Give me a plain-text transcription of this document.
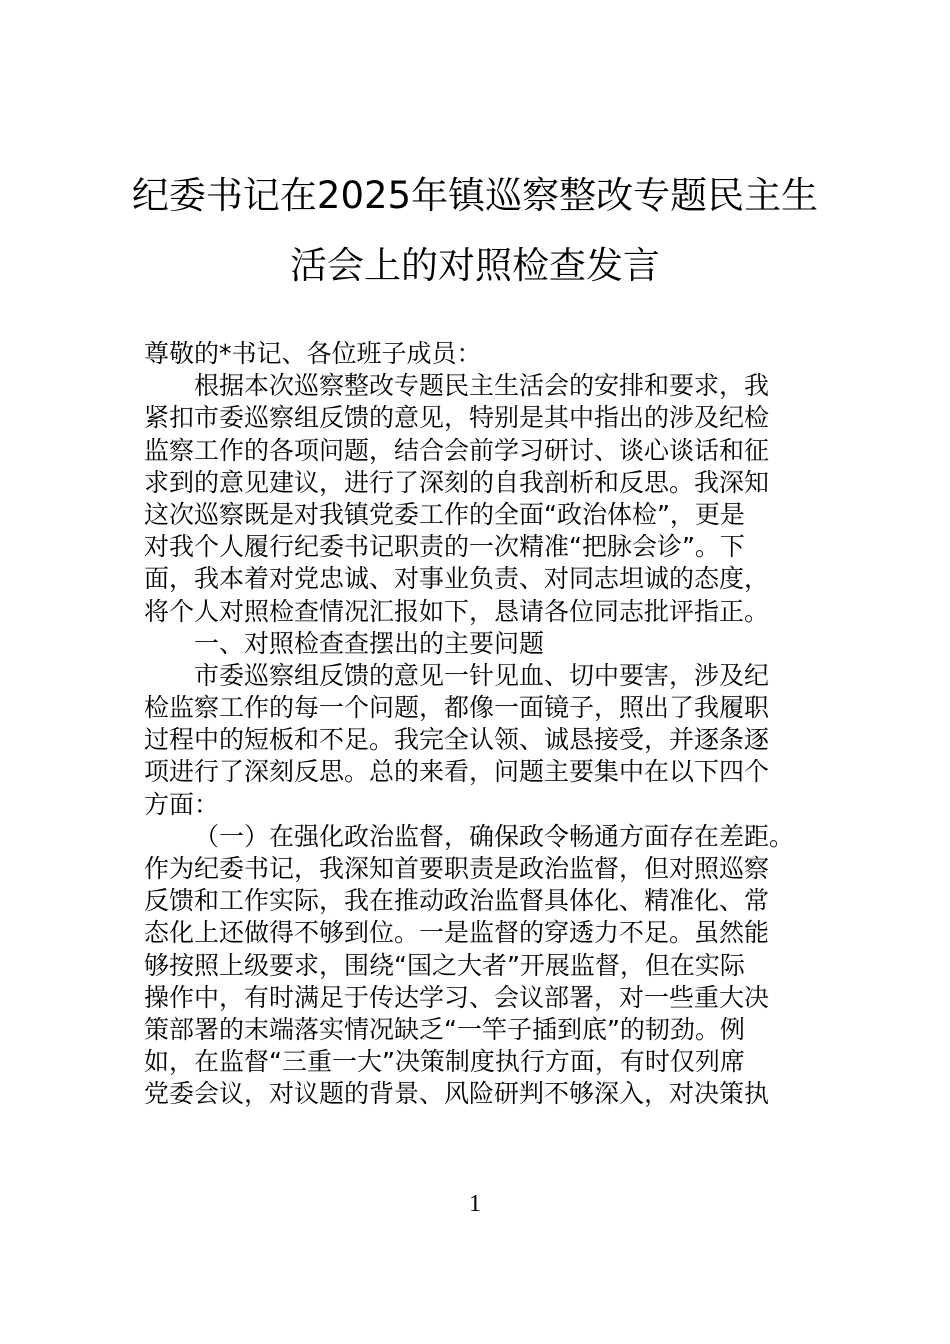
纪委书记在2025年镇巡察整改专题民主生
活会上的对照检查发言
尊敬的*书记、各位班子成员：
根据本次巡察整改专题民主生活会的安排和要求，我
紧扣市委巡察组反馈的意见，特别是其中指出的涉及纪检
监察工作的各项问题，结合会前学习研讨、谈心谈话和征
求到的意见建议，进行了深刻的自我剖析和反思。我深知
这次巡察既是对我镇党委工作的全面“政治体检”，更是
对我个人履行纪委书记职责的一次精准“把脉会诊”。下
面，我本着对党忠诚、对事业负责、对同志坦诚的态度，
将个人对照检查情况汇报如下，恳请各位同志批评指正。
一、对照检查查摆出的主要问题
市委巡察组反馈的意见一针见血、切中要害，涉及纪
检监察工作的每一个问题，都像一面镜子，照出了我履职
过程中的短板和不足。我完全认领、诚恳接受，并逐条逐
项进行了深刻反思。总的来看，问题主要集中在以下四个
方面：
（一）在强化政治监督，确保政令畅通方面存在差距。
作为纪委书记，我深知首要职责是政治监督，但对照巡察
反馈和工作实际，我在推动政治监督具体化、精准化、常
态化上还做得不够到位。一是监督的穿透力不足。虽然能
够按照上级要求，围绕“国之大者”开展监督，但在实际
操作中，有时满足于传达学习、会议部署，对一些重大决
策部署的末端落实情况缺乏“一竿子插到底”的韧劲。例
如，在监督“三重一大”决策制度执行方面，有时仅列席
党委会议，对议题的背景、风险研判不够深入，对决策执
1
